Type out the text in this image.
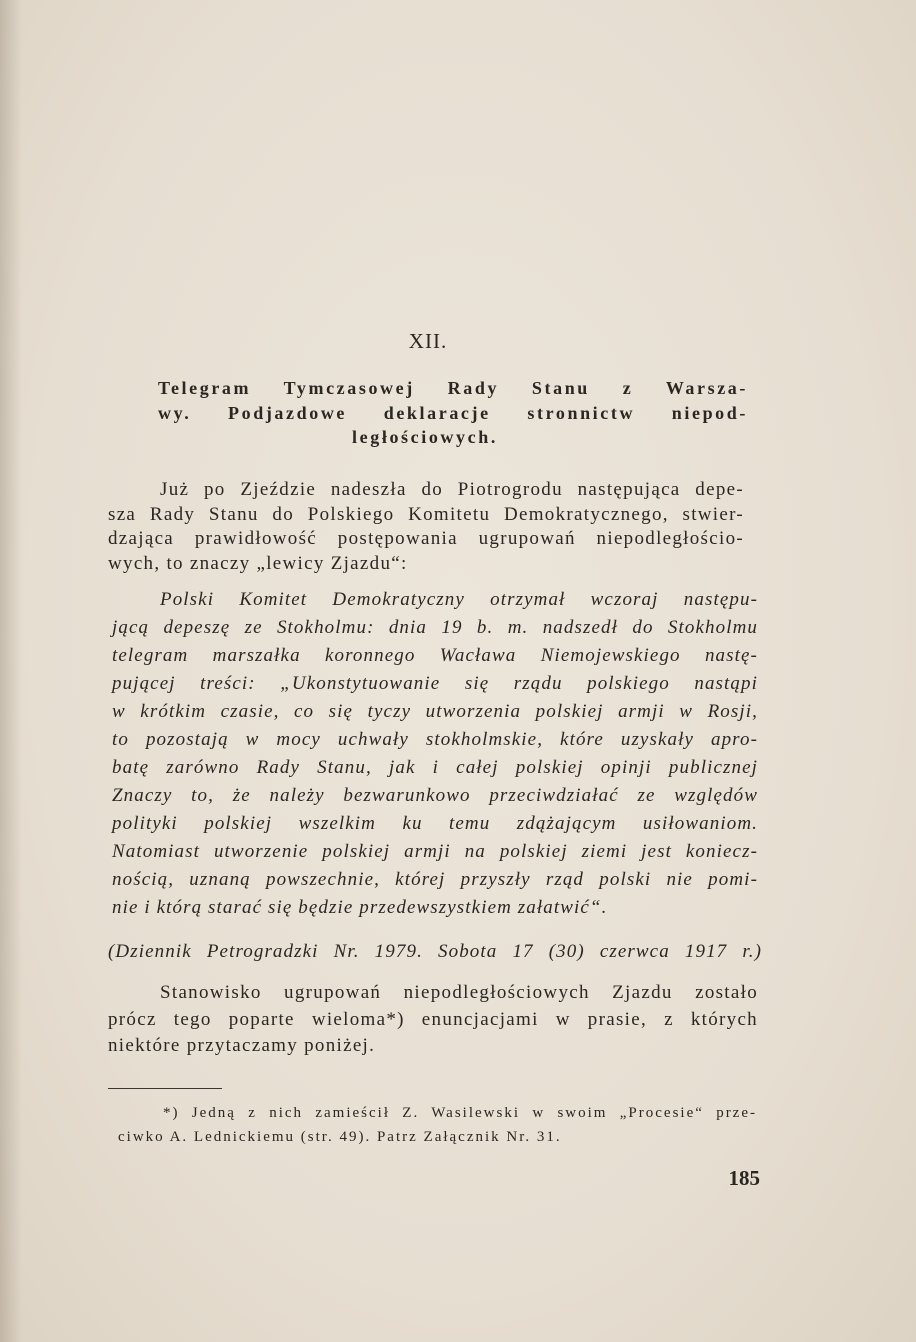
XII.
Telegram Tymczasowej Rady Stanu z Warsza-
wy. Podjazdowe deklaracje stronnictw niepod-
ległościowych.
Już po Zjeździe nadeszła do Piotrogrodu następująca depe-
sza Rady Stanu do Polskiego Komitetu Demokratycznego, stwier-
dzająca prawidłowość postępowania ugrupowań niepodległościo-
wych, to znaczy „lewicy Zjazdu“:
Polski Komitet Demokratyczny otrzymał wczoraj następu-
jącą depeszę ze Stokholmu: dnia 19 b. m. nadszedł do Stokholmu
telegram marszałka koronnego Wacława Niemojewskiego nastę-
pującej treści: „Ukonstytuowanie się rządu polskiego nastąpi
w krótkim czasie, co się tyczy utworzenia polskiej armji w Rosji,
to pozostają w mocy uchwały stokholmskie, które uzyskały apro-
batę zarówno Rady Stanu, jak i całej polskiej opinji publicznej
Znaczy to, że należy bezwarunkowo przeciwdziałać ze względów
polityki polskiej wszelkim ku temu zdążającym usiłowaniom.
Natomiast utworzenie polskiej armji na polskiej ziemi jest koniecz-
nością, uznaną powszechnie, której przyszły rząd polski nie pomi-
nie i którą starać się będzie przedewszystkiem załatwić“.
(Dziennik Petrogradzki Nr. 1979. Sobota 17 (30) czerwca 1917 r.)
Stanowisko ugrupowań niepodległościowych Zjazdu zostało
prócz tego poparte wieloma*) enuncjacjami w prasie, z których
niektóre przytaczamy poniżej.
*) Jedną z nich zamieścił Z. Wasilewski w swoim „Procesie“ prze-
ciwko A. Lednickiemu (str. 49). Patrz Załącznik Nr. 31.
185
